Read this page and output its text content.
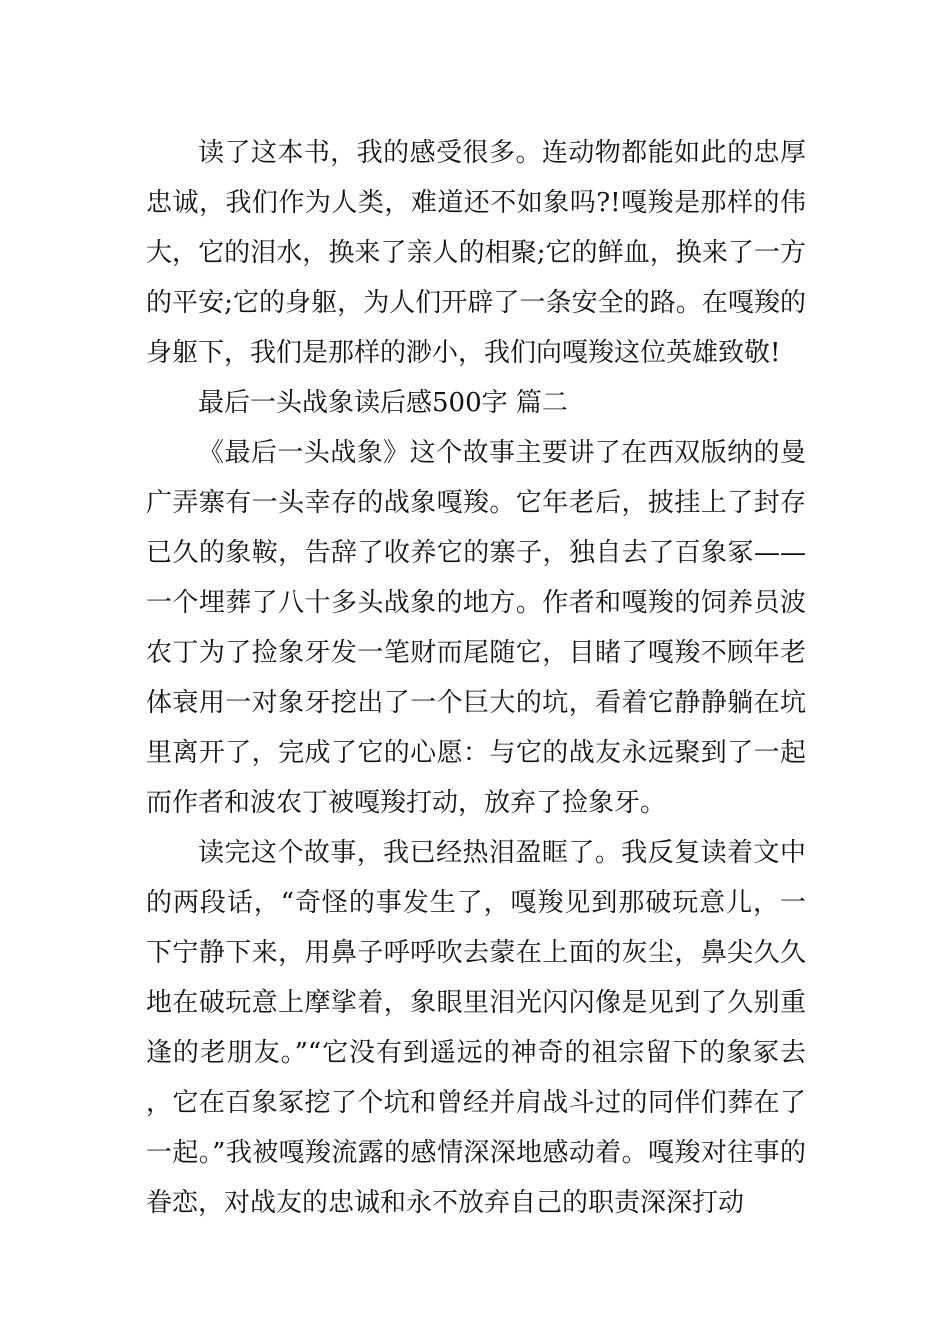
读了这本书，我的感受很多。连动物都能如此的忠厚忠诚，我们作为人类，难道还不如象吗?!嘎羧是那样的伟大，它的泪水，换来了亲人的相聚;它的鲜血，换来了一方的平安;它的身躯，为人们开辟了一条安全的路。在嘎羧的身躯下，我们是那样的渺小，我们向嘎羧这位英雄致敬!

最后一头战象读后感500字 篇二

《最后一头战象》这个故事主要讲了在西双版纳的曼广弄寨有一头幸存的战象嘎羧。它年老后，披挂上了封存已久的象鞍，告辞了收养它的寨子，独自去了百象冢——一个埋葬了八十多头战象的地方。作者和嘎羧的饲养员波农丁为了捡象牙发一笔财而尾随它，目睹了嘎羧不顾年老体衰用一对象牙挖出了一个巨大的坑，看着它静静躺在坑里离开了，完成了它的心愿：与它的战友永远聚到了一起而作者和波农丁被嘎羧打动，放弃了捡象牙。

读完这个故事，我已经热泪盈眶了。我反复读着文中的两段话，“奇怪的事发生了，嘎羧见到那破玩意儿，一下宁静下来，用鼻子呼呼吹去蒙在上面的灰尘，鼻尖久久地在破玩意上摩挲着，象眼里泪光闪闪像是见到了久别重逢的老朋友。”“它没有到遥远的神奇的祖宗留下的象冢去，它在百象冢挖了个坑和曾经并肩战斗过的同伴们葬在了一起。”我被嘎羧流露的感情深深地感动着。嘎羧对往事的眷恋，对战友的忠诚和永不放弃自己的职责深深打动
